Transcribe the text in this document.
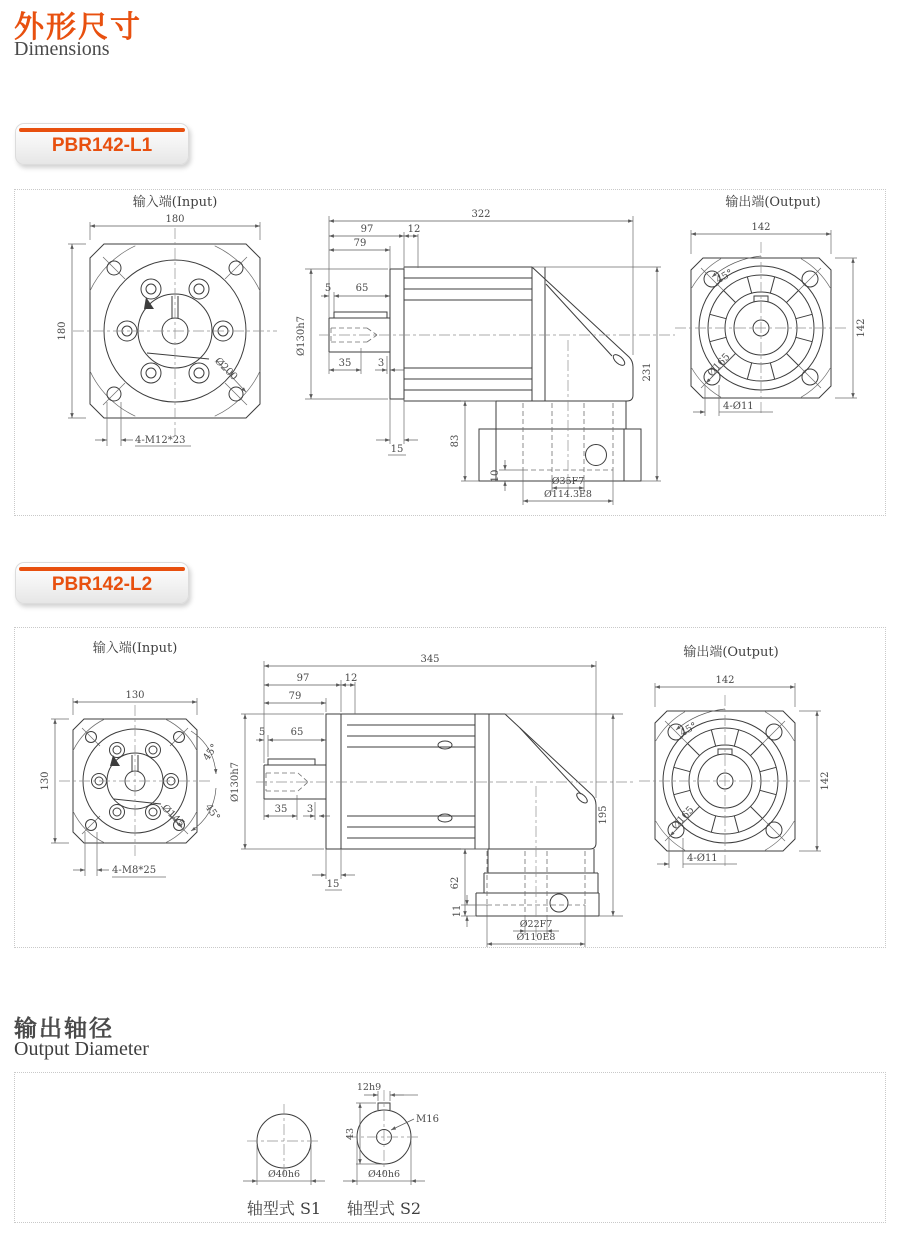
外形尺寸
Dimensions
PBR142-L1
输入端(Input)
180
180
Ø200
4-M12*23
322
97	12
79
5 65
35	3
15
Ø130h7
83
10	Ø35F7
Ø114.3E8
231
输出端(Output)
142
142
45°
Ø165
4-Ø11
PBR142-L2
输入端(Input)
130
130
Ø145
45°
45°
4-M8*25
345
97	12
79
5	65
35 3
15
Ø130h7
62
11
Ø22F7
Ø110E8
195
输出端(Output)
142
142
45°
Ø165
4-Ø11
输出轴径
Output Diameter
Ø40h6
轴型式 S1
12h9
M16
43
Ø40h6
轴型式 S2
